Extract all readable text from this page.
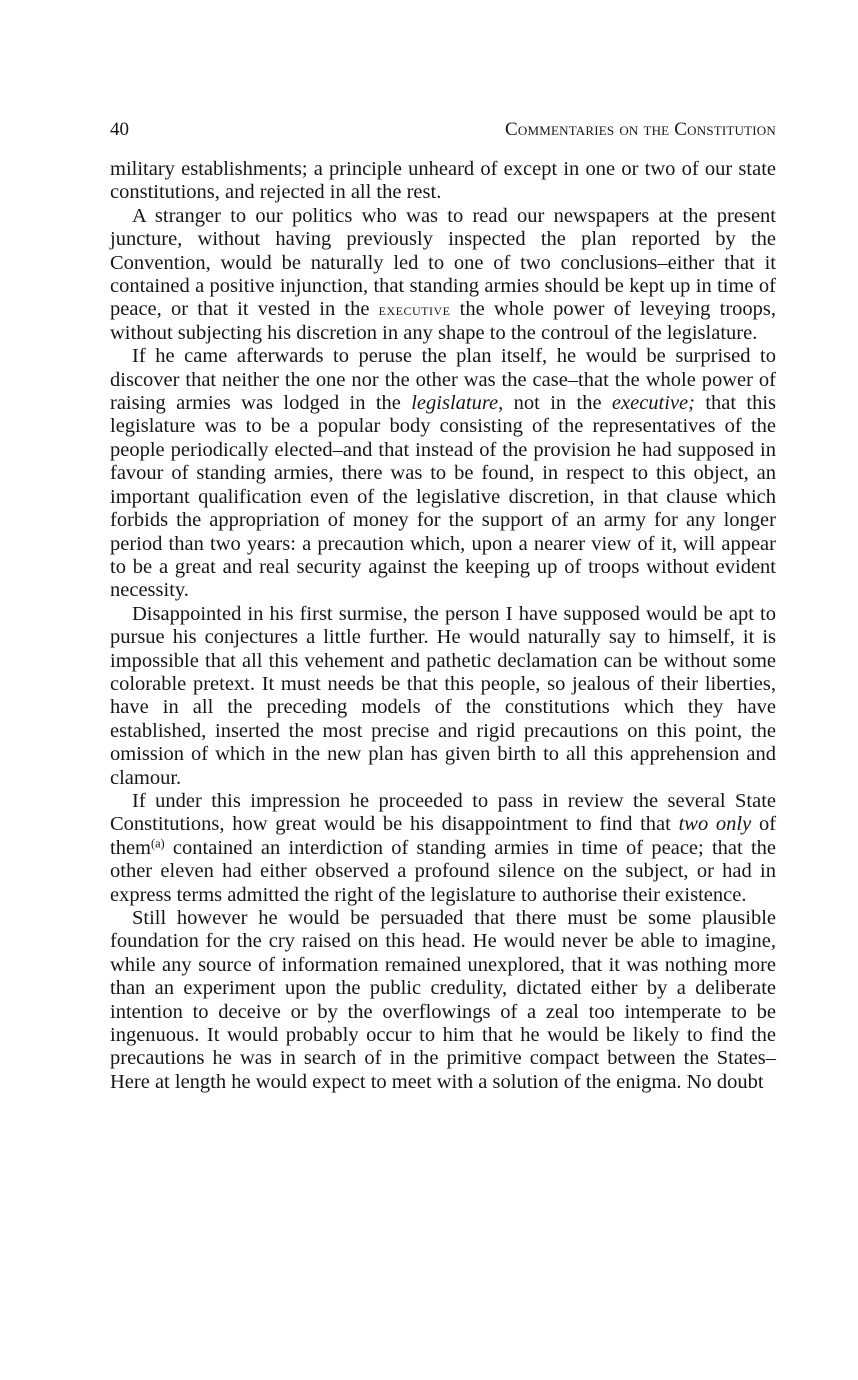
40	Commentaries on the Constitution

military establishments; a principle unheard of except in one or two of our state constitutions, and rejected in all the rest.

A stranger to our politics who was to read our newspapers at the present juncture, without having previously inspected the plan reported by the Convention, would be naturally led to one of two conclusions–either that it contained a positive injunction, that standing armies should be kept up in time of peace, or that it vested in the executive the whole power of leveying troops, without subjecting his discretion in any shape to the controul of the legislature.

If he came afterwards to peruse the plan itself, he would be surprised to discover that neither the one nor the other was the case–that the whole power of raising armies was lodged in the legislature, not in the executive; that this legislature was to be a popular body consisting of the representatives of the people periodically elected–and that instead of the provision he had supposed in favour of standing armies, there was to be found, in respect to this object, an important qualification even of the legislative discretion, in that clause which forbids the appropriation of money for the support of an army for any longer period than two years: a precaution which, upon a nearer view of it, will appear to be a great and real security against the keeping up of troops without evident necessity.

Disappointed in his first surmise, the person I have supposed would be apt to pursue his conjectures a little further. He would naturally say to himself, it is impossible that all this vehement and pathetic declamation can be without some colorable pretext. It must needs be that this people, so jealous of their liberties, have in all the preceding models of the constitutions which they have established, inserted the most precise and rigid precautions on this point, the omission of which in the new plan has given birth to all this apprehension and clamour.

If under this impression he proceeded to pass in review the several State Constitutions, how great would be his disappointment to find that two only of them$^{(a)}$ contained an interdiction of standing armies in time of peace; that the other eleven had either observed a profound silence on the subject, or had in express terms admitted the right of the legislature to authorise their existence.

Still however he would be persuaded that there must be some plausible foundation for the cry raised on this head. He would never be able to imagine, while any source of information remained unexplored, that it was nothing more than an experiment upon the public credulity, dictated either by a deliberate intention to deceive or by the overflowings of a zeal too intemperate to be ingenuous. It would probably occur to him that he would be likely to find the precautions he was in search of in the primitive compact between the States–Here at length he would expect to meet with a solution of the enigma. No doubt
